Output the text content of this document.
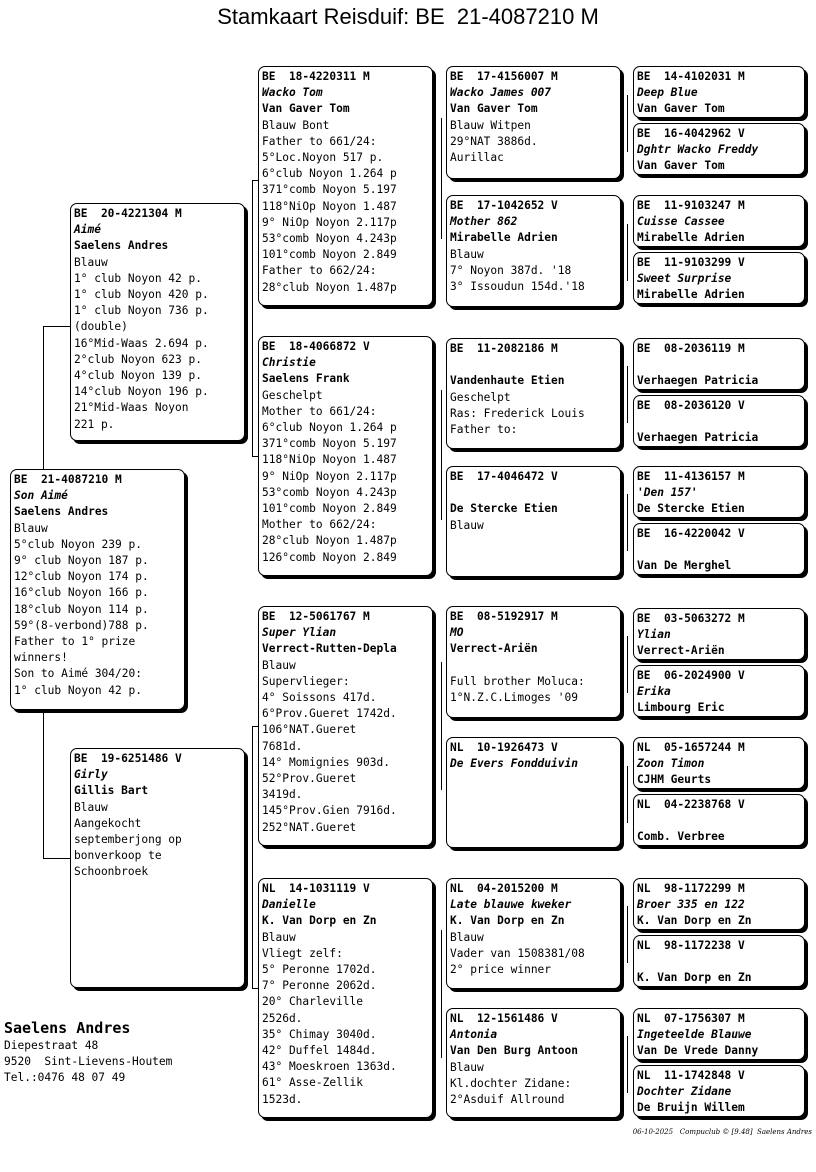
Stamkaart Reisduif: BE  21-4087210 M
BE  21-4087210 M
Son Aimé
Saelens Andres
Blauw
5°club Noyon 239 p.
9° club Noyon 187 p.
12°club Noyon 174 p.
16°club Noyon 166 p.
18°club Noyon 114 p.
59°(8-verbond)788 p.
Father to 1° prize
winners!
Son to Aimé 304/20:
1° club Noyon 42 p.
BE  20-4221304 M
Aimé
Saelens Andres
Blauw
1° club Noyon 42 p.
1° club Noyon 420 p.
1° club Noyon 736 p.
(double)
16°Mid-Waas 2.694 p.
2°club Noyon 623 p.
4°club Noyon 139 p.
14°club Noyon 196 p.
21°Mid-Waas Noyon
221 p.
BE  19-6251486 V
Girly
Gillis Bart
Blauw
Aangekocht
septemberjong op
bonverkoop te
Schoonbroek
BE  18-4220311 M
Wacko Tom
Van Gaver Tom
Blauw Bont
Father to 661/24:
5°Loc.Noyon 517 p.
6°club Noyon 1.264 p
371°comb Noyon 5.197
118°NiOp Noyon 1.487
9° NiOp Noyon 2.117p
53°comb Noyon 4.243p
101°comb Noyon 2.849
Father to 662/24:
28°club Noyon 1.487p
BE  18-4066872 V
Christie
Saelens Frank
Geschelpt
Mother to 661/24:
6°club Noyon 1.264 p
371°comb Noyon 5.197
118°NiOp Noyon 1.487
9° NiOp Noyon 2.117p
53°comb Noyon 4.243p
101°comb Noyon 2.849
Mother to 662/24:
28°club Noyon 1.487p
126°comb Noyon 2.849
BE  12-5061767 M
Super Ylian
Verrect-Rutten-Depla
Blauw
Supervlieger:
4° Soissons 417d.
6°Prov.Gueret 1742d.
106°NAT.Gueret
7681d.
14° Momignies 903d.
52°Prov.Gueret
3419d.
145°Prov.Gien 7916d.
252°NAT.Gueret
NL  14-1031119 V
Danielle
K. Van Dorp en Zn
Blauw
Vliegt zelf:
5° Peronne 1702d.
7° Peronne 2062d.
20° Charleville
2526d.
35° Chimay 3040d.
42° Duffel 1484d.
43° Moeskroen 1363d.
61° Asse-Zellik
1523d.
BE  17-4156007 M
Wacko James 007
Van Gaver Tom
Blauw Witpen
29°NAT 3886d.
Aurillac
BE  17-1042652 V
Mother 862
Mirabelle Adrien
Blauw
7° Noyon 387d. '18
3° Issoudun 154d.'18
BE  11-2082186 M

Vandenhaute Etien
Geschelpt
Ras: Frederick Louis
Father to:
BE  17-4046472 V

De Stercke Etien
Blauw
BE  08-5192917 M
MO
Verrect-Ariën

Full brother Moluca:
1°N.Z.C.Limoges '09
NL  10-1926473 V
De Evers Fondduivin

NL  04-2015200 M
Late blauwe kweker
K. Van Dorp en Zn
Blauw
Vader van 1508381/08
2° price winner
NL  12-1561486 V
Antonia
Van Den Burg Antoon
Blauw
Kl.dochter Zidane:
2°Asduif Allround
BE  14-4102031 M
Deep Blue
Van Gaver Tom
BE  16-4042962 V
Dghtr Wacko Freddy
Van Gaver Tom
BE  11-9103247 M
Cuisse Cassee
Mirabelle Adrien
BE  11-9103299 V
Sweet Surprise
Mirabelle Adrien
BE  08-2036119 M

Verhaegen Patricia
BE  08-2036120 V

Verhaegen Patricia
BE  11-4136157 M
'Den 157'
De Stercke Etien
BE  16-4220042 V

Van De Merghel
BE  03-5063272 M
Ylian
Verrect-Ariën
BE  06-2024900 V
Erika
Limbourg Eric
NL  05-1657244 M
Zoon Timon
CJHM Geurts
NL  04-2238768 V

Comb. Verbree
NL  98-1172299 M
Broer 335 en 122
K. Van Dorp en Zn
NL  98-1172238 V

K. Van Dorp en Zn
NL  07-1756307 M
Ingeteelde Blauwe
Van De Vrede Danny
NL  11-1742848 V
Dochter Zidane
De Bruijn Willem
Saelens Andres
Diepestraat 48
9520  Sint-Lievens-Houtem
Tel.:0476 48 07 49
06-10-2025   Compuclub © [9.48]  Saelens Andres
